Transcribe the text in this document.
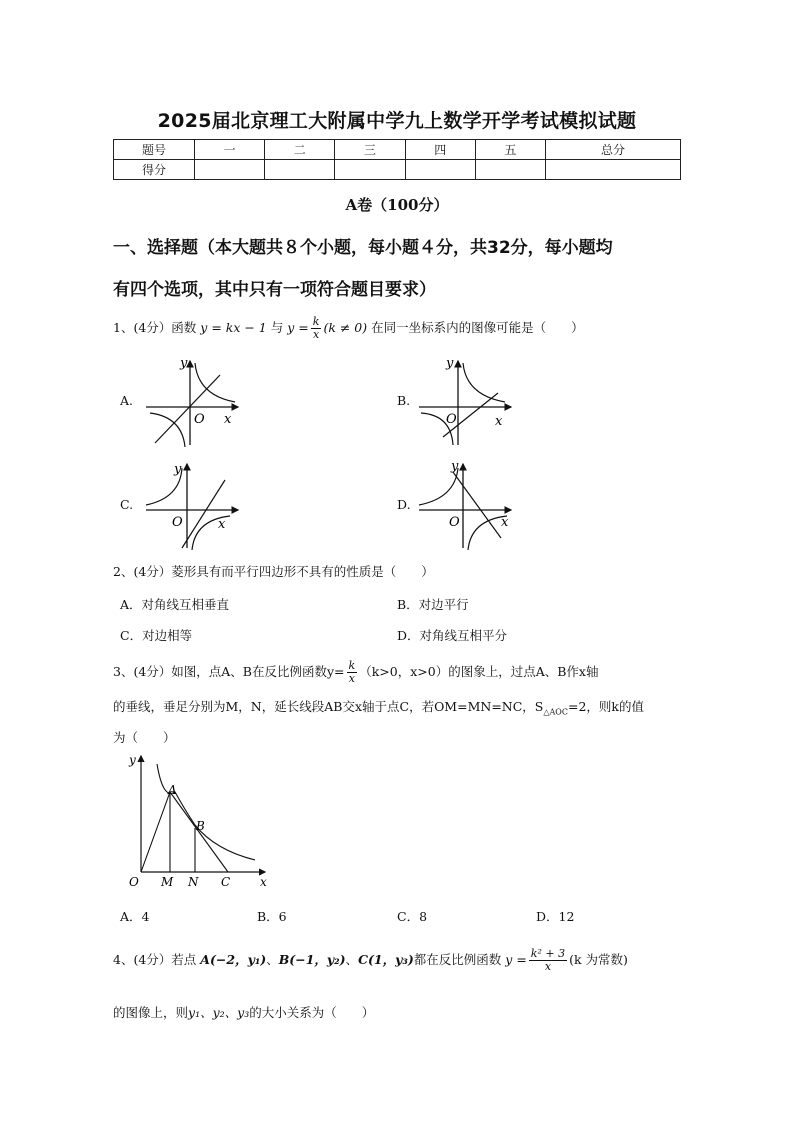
2025届北京理工大附属中学九上数学开学考试模拟试题
题号	一	二	三	四	五	总分
得分						
A卷（100分）
一、选择题（本大题共８个小题，每小题４分，共32分，每小题均
有四个选项，其中只有一项符合题目要求）
1、(4分）函数 y = kx − 1 与 $y = \frac{k}{x} (k \ne 0)$ 在同一坐标系内的图像可能是（　　）
A.	B.
C.	D.
y
x
O
y
x
O
y
x
O
y
x
O
2、(4分）菱形具有而平行四边形不具有的性质是（　　）
A．对角线互相垂直	B．对边平行
C．对边相等	D．对角线互相平分
3、(4分）如图，点A、B在反比例函数$y= \frac{k}{x} (k>0$，x>0）的图象上，过点A、B作x轴
的垂线，垂足分别为M，N，延长线段AB交x轴于点C，若OM=MN=NC，$S_{\triangle AOC}=2$，则k的值
为（　　）
y
x
O M N C
A
B
A．4	B．6	C．8	D．12
4、(4分）若点 A(−2，y₁)、B(−1，y₂)、C(1，y₃)都在反比例函数 $y = \frac{\text{k² + 3}}{x} (k$ 为常数)
的图像上，则y₁、y₂、y₃的大小关系为（　　）
